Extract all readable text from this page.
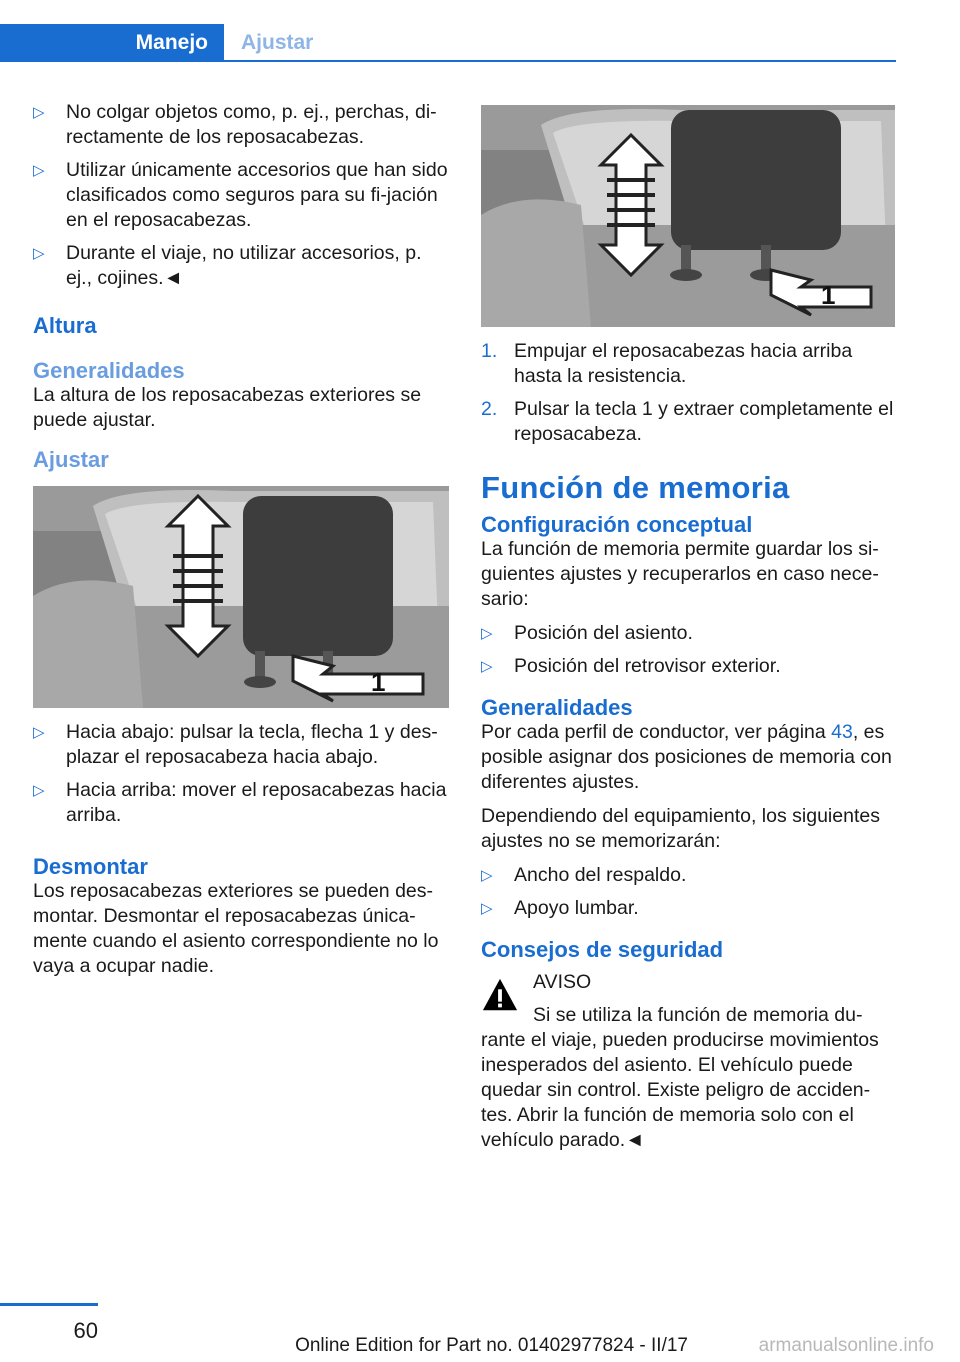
Manejo	Ajustar
▷ No colgar objetos como, p. ej., perchas, di-rectamente de los reposacabezas.
▷ Utilizar únicamente accesorios que han sido clasificados como seguros para su fi-jación en el reposacabezas.
▷ Durante el viaje, no utilizar accesorios, p. ej., cojines.◄
Altura
Generalidades

La altura de los reposacabezas exteriores se puede ajustar.

Ajustar
1
▷ Hacia abajo: pulsar la tecla, flecha 1 y des-plazar el reposacabeza hacia abajo.
▷ Hacia arriba: mover el reposacabezas hacia arriba.
Desmontar

Los reposacabezas exteriores se pueden des-montar. Desmontar el reposacabezas única-mente cuando el asiento correspondiente no lo vaya a ocupar nadie.

1
1. Empujar el reposacabezas hacia arriba hasta la resistencia.
2. Pulsar la tecla 1 y extraer completamente el reposacabeza.
Función de memoria
Configuración conceptual

La función de memoria permite guardar los si-guientes ajustes y recuperarlos en caso nece-sario:

▷ Posición del asiento.
▷ Posición del retrovisor exterior.
Generalidades

Por cada perfil de conductor, ver página 43, es posible asignar dos posiciones de memoria con diferentes ajustes.

Dependiendo del equipamiento, los siguientes ajustes no se memorizarán:

▷ Ancho del respaldo.
▷ Apoyo lumbar.
Consejos de seguridad
AVISO
Si se utiliza la función de memoria du-rante el viaje, pueden producirse movimientos inesperados del asiento. El vehículo puede quedar sin control. Existe peligro de acciden-tes. Abrir la función de memoria solo con el vehículo parado.◄
60
Online Edition for Part no. 01402977824 - II/17	armanualsonline.info
